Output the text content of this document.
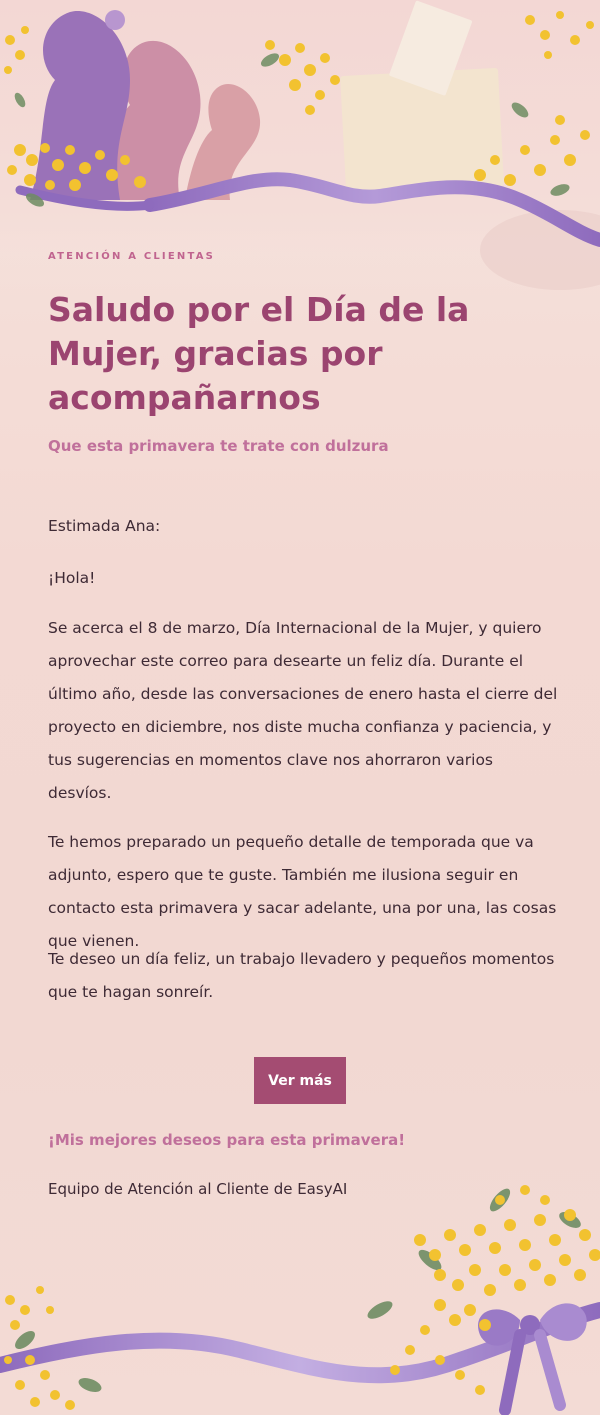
ATENCIÓN A CLIENTAS
Saludo por el Día de la Mujer, gracias por acompañarnos
Que esta primavera te trate con dulzura

Estimada Ana:

¡Hola!

Se acerca el 8 de marzo, Día Internacional de la Mujer, y quiero aprovechar este correo para desearte un feliz día. Durante el último año, desde las conversaciones de enero hasta el cierre del proyecto en diciembre, nos diste mucha confianza y paciencia, y tus sugerencias en momentos clave nos ahorraron varios desvíos.

Te hemos preparado un pequeño detalle de temporada que va adjunto, espero que te guste. También me ilusiona seguir en contacto esta primavera y sacar adelante, una por una, las cosas que vienen.

Te deseo un día feliz, un trabajo llevadero y pequeños momentos que te hagan sonreír.

Ver más
¡Mis mejores deseos para esta primavera!
Equipo de Atención al Cliente de EasyAI
